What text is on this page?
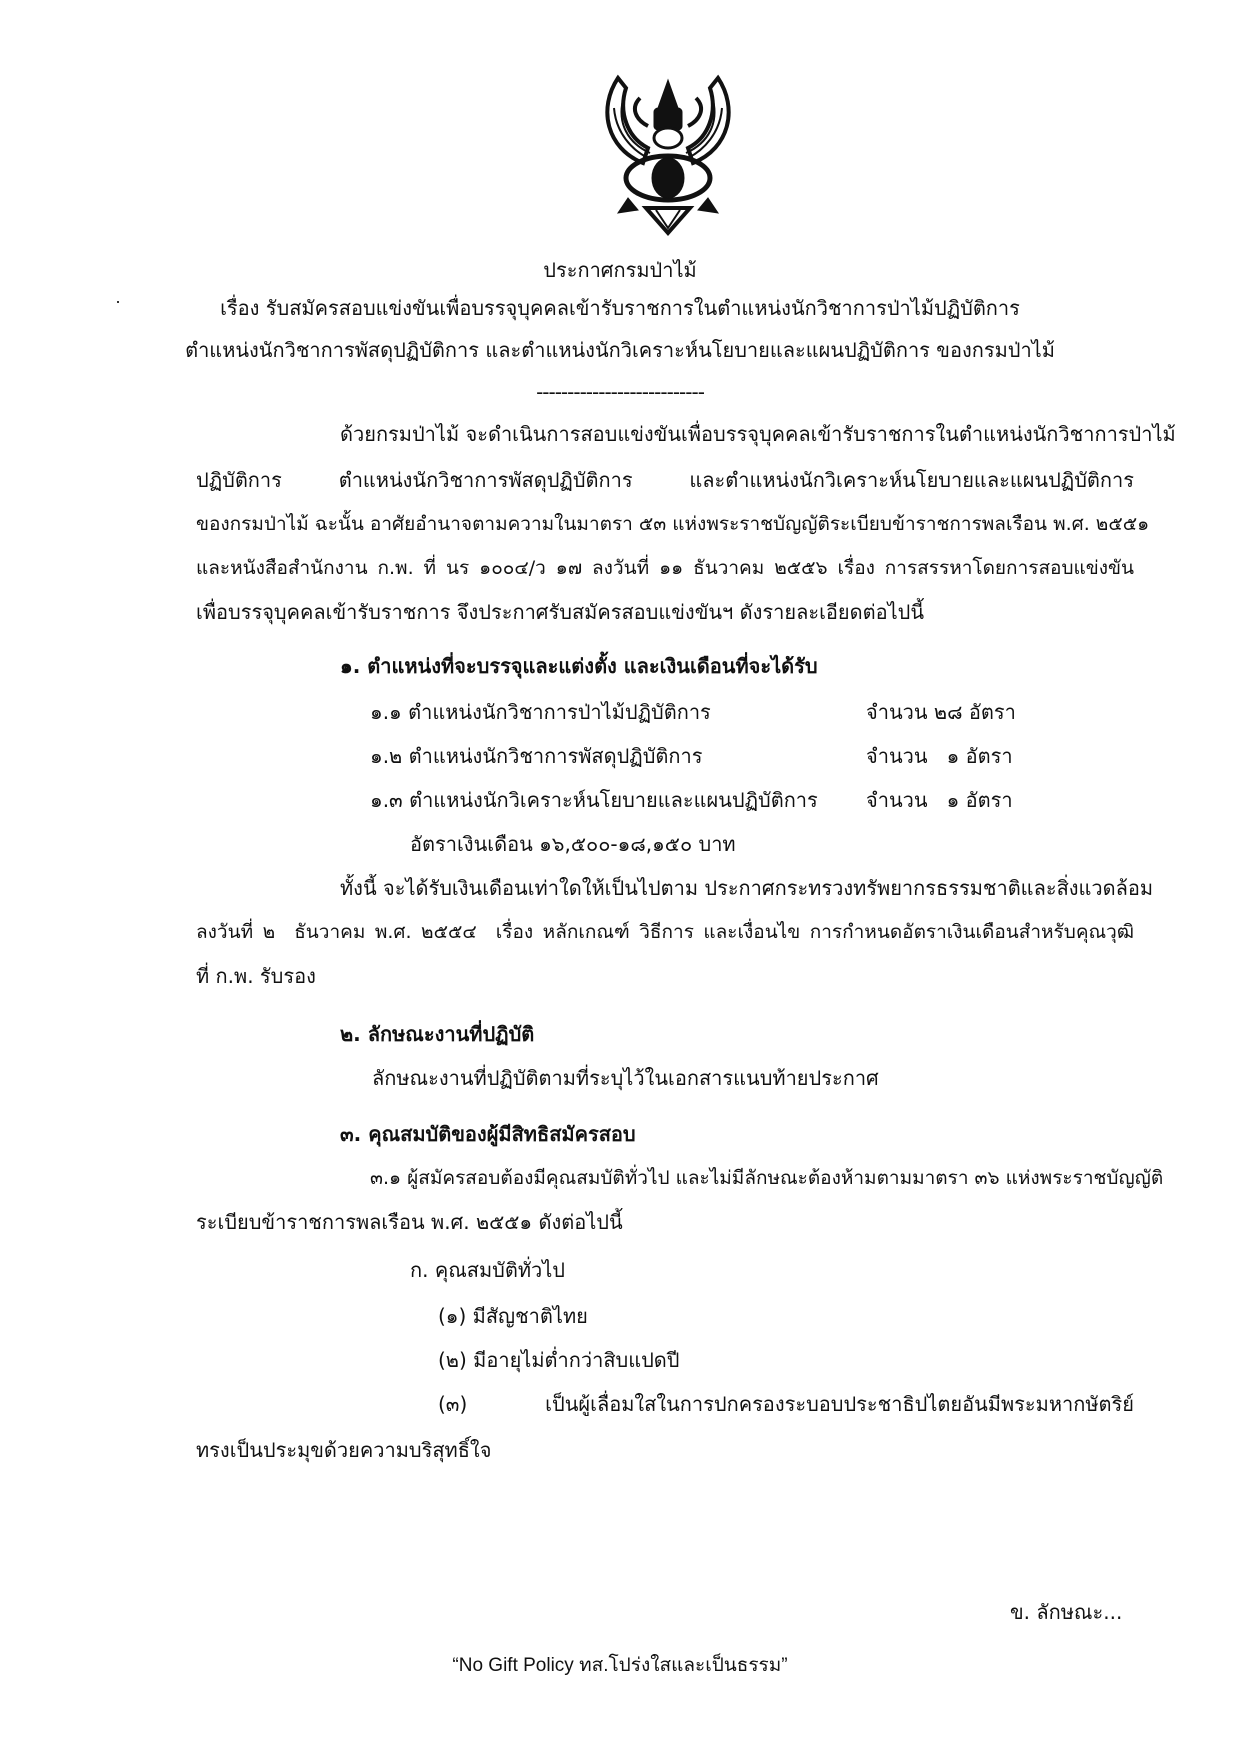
ประกาศกรมป่าไม้
เรื่อง รับสมัครสอบแข่งขันเพื่อบรรจุบุคคลเข้ารับราชการในตำแหน่งนักวิชาการป่าไม้ปฏิบัติการ
ตำแหน่งนักวิชาการพัสดุปฏิบัติการ และตำแหน่งนักวิเคราะห์นโยบายและแผนปฏิบัติการ ของกรมป่าไม้
---------------------------
ด้วยกรมป่าไม้ จะดำเนินการสอบแข่งขันเพื่อบรรจุบุคคลเข้ารับราชการในตำแหน่งนักวิชาการป่าไม้
ปฏิบัติการ ตำแหน่งนักวิชาการพัสดุปฏิบัติการ และตำแหน่งนักวิเคราะห์นโยบายและแผนปฏิบัติการ
ของกรมป่าไม้ ฉะนั้น อาศัยอำนาจตามความในมาตรา ๕๓ แห่งพระราชบัญญัติระเบียบข้าราชการพลเรือน พ.ศ. ๒๕๕๑
และหนังสือสำนักงาน ก.พ. ที่ นร ๑๐๐๔/ว ๑๗ ลงวันที่ ๑๑ ธันวาคม ๒๕๕๖ เรื่อง การสรรหาโดยการสอบแข่งขัน
เพื่อบรรจุบุคคลเข้ารับราชการ จึงประกาศรับสมัครสอบแข่งขันฯ ดังรายละเอียดต่อไปนี้
๑. ตำแหน่งที่จะบรรจุและแต่งตั้ง และเงินเดือนที่จะได้รับ
๑.๑ ตำแหน่งนักวิชาการป่าไม้ปฏิบัติการ	จำนวน ๒๘ อัตรา
๑.๒ ตำแหน่งนักวิชาการพัสดุปฏิบัติการ	จำนวน   ๑ อัตรา
๑.๓ ตำแหน่งนักวิเคราะห์นโยบายและแผนปฏิบัติการ จำนวน   ๑ อัตรา
อัตราเงินเดือน ๑๖,๕๐๐-๑๘,๑๕๐ บาท
ทั้งนี้ จะได้รับเงินเดือนเท่าใดให้เป็นไปตาม ประกาศกระทรวงทรัพยากรธรรมชาติและสิ่งแวดล้อม
ลงวันที่ ๒  ธันวาคม พ.ศ. ๒๕๕๔  เรื่อง หลักเกณฑ์ วิธีการ และเงื่อนไข การกำหนดอัตราเงินเดือนสำหรับคุณวุฒิ
ที่ ก.พ. รับรอง
๒. ลักษณะงานที่ปฏิบัติ
ลักษณะงานที่ปฏิบัติตามที่ระบุไว้ในเอกสารแนบท้ายประกาศ
๓. คุณสมบัติของผู้มีสิทธิสมัครสอบ
๓.๑ ผู้สมัครสอบต้องมีคุณสมบัติทั่วไป และไม่มีลักษณะต้องห้ามตามมาตรา ๓๖ แห่งพระราชบัญญัติ
ระเบียบข้าราชการพลเรือน พ.ศ. ๒๕๕๑ ดังต่อไปนี้
ก. คุณสมบัติทั่วไป
(๑) มีสัญชาติไทย
(๒) มีอายุไม่ต่ำกว่าสิบแปดปี
(๓) เป็นผู้เลื่อมใสในการปกครองระบอบประชาธิปไตยอันมีพระมหากษัตริย์
ทรงเป็นประมุขด้วยความบริสุทธิ์ใจ
ข. ลักษณะ...
“No Gift Policy ทส.โปร่งใสและเป็นธรรม”
